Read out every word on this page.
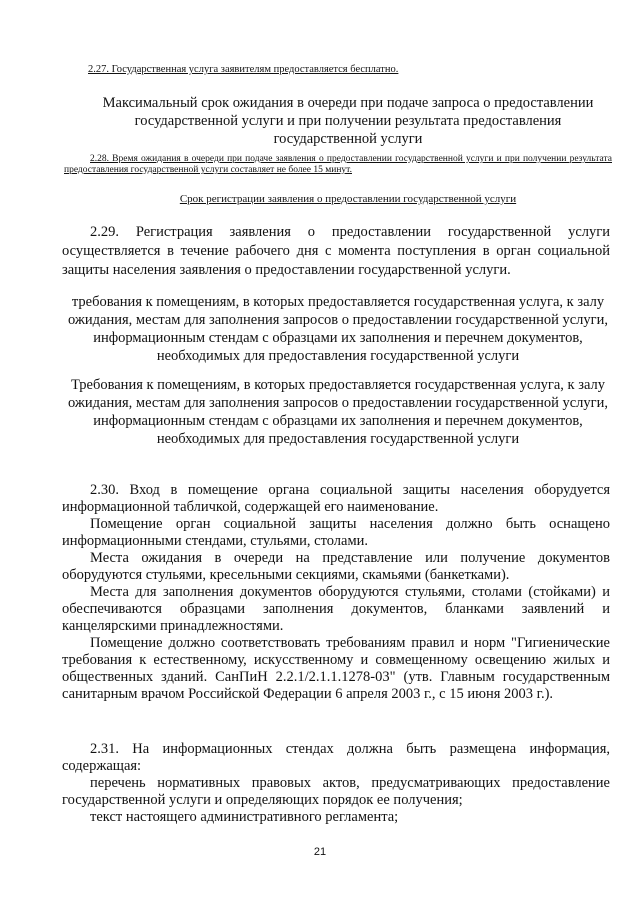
2.27. Государственная услуга заявителям предоставляется бесплатно.

Максимальный срок ожидания в очереди при подаче запроса о предоставлении государственной услуги и при получении результата предоставления государственной услуги

2.28. Время ожидания в очереди при подаче заявления о предоставлении государственной услуги и при получении результата предоставления государственной услуги составляет не более 15 минут.

Срок регистрации заявления о предоставлении государственной услуги

2.29. Регистрация заявления о предоставлении государственной услуги осуществляется в течение рабочего дня с момента поступления в орган социальной защиты населения заявления о предоставлении государственной услуги.

требования к помещениям, в которых предоставляется государственная услуга, к залу ожидания, местам для заполнения запросов о предоставлении государственной услуги, информационным стендам с образцами их заполнения и перечнем документов, необходимых для предоставления государственной услуги

Требования к помещениям, в которых предоставляется государственная услуга, к залу ожидания, местам для заполнения запросов о предоставлении государственной услуги, информационным стендам с образцами их заполнения и перечнем документов, необходимых для предоставления государственной услуги

2.30. Вход в помещение органа социальной защиты населения оборудуется информационной табличкой, содержащей его наименование.

Помещение орган социальной защиты населения должно быть оснащено информационными стендами, стульями, столами.

Места ожидания в очереди на представление или получение документов оборудуются стульями, кресельными секциями, скамьями (банкетками).

Места для заполнения документов оборудуются стульями, столами (стойками) и обеспечиваются образцами заполнения документов, бланками заявлений и канцелярскими принадлежностями.

Помещение должно соответствовать требованиям правил и норм "Гигиенические требования к естественному, искусственному и совмещенному освещению жилых и общественных зданий. СанПиН 2.2.1/2.1.1.1278-03" (утв. Главным государственным санитарным врачом Российской Федерации 6 апреля 2003 г., с 15 июня 2003 г.).

2.31. На информационных стендах должна быть размещена информация, содержащая:

перечень нормативных правовых актов, предусматривающих предоставление государственной услуги и определяющих порядок ее получения;

текст настоящего административного регламента;

21
